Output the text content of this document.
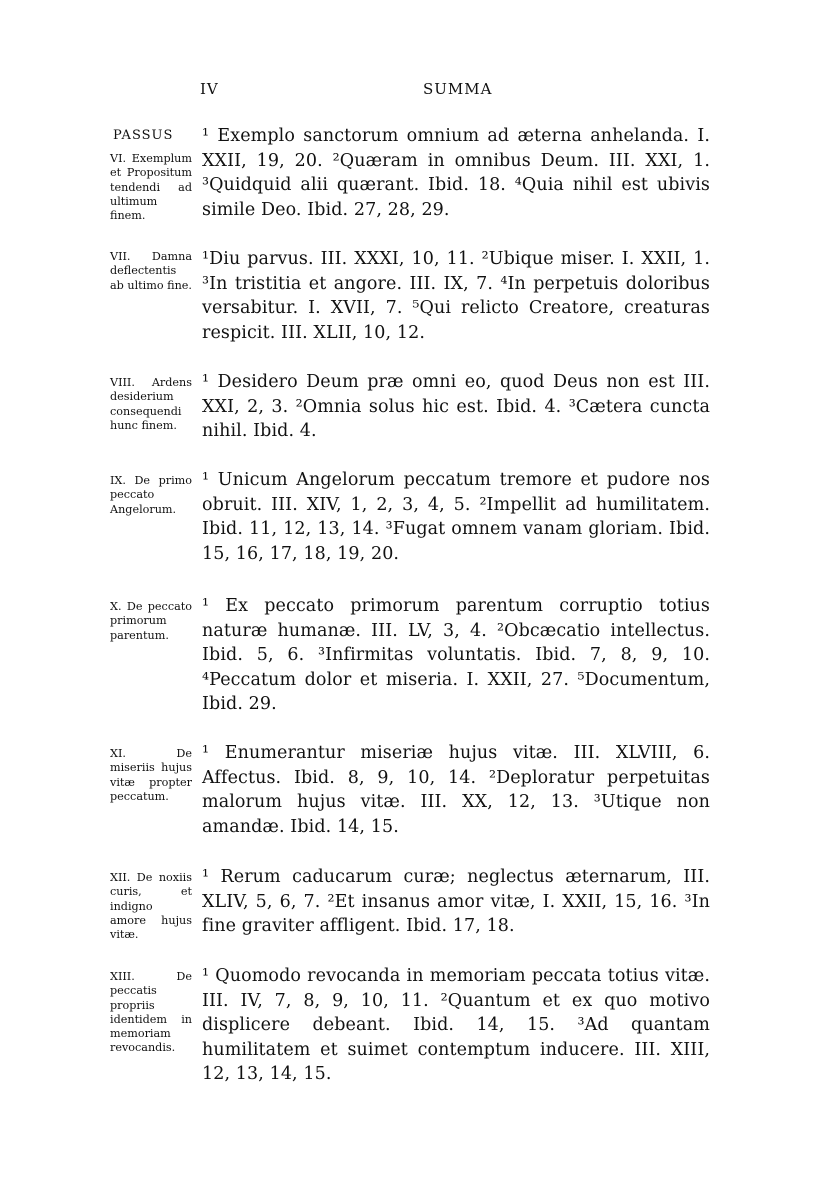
IV	SUMMA
PASSUS
VI. Exemplum et Propositum tendendi ad ultimum finem.
¹ Exemplo sanctorum omnium ad æterna anhelanda. I. XXII, 19, 20. ²Quæram in omnibus Deum. III. XXI, 1. ³Quidquid alii quærant. Ibid. 18. ⁴Quia nihil est ubivis simile Deo. Ibid. 27, 28, 29.
VII. Damna deflectentis ab ultimo fine.
¹Diu parvus. III. XXXI, 10, 11. ²Ubique miser. I. XXII, 1. ³In tristitia et angore. III. IX, 7. ⁴In perpetuis doloribus versabitur. I. XVII, 7. ⁵Qui relicto Creatore, creaturas respicit. III. XLII, 10, 12.
VIII. Ardens desiderium consequendi hunc finem.
¹ Desidero Deum præ omni eo, quod Deus non est III. XXI, 2, 3. ²Omnia solus hic est. Ibid. 4. ³Cætera cuncta nihil. Ibid. 4.
IX. De primo peccato Angelorum.
¹ Unicum Angelorum peccatum tremore et pudore nos obruit. III. XIV, 1, 2, 3, 4, 5. ²Impellit ad humilitatem. Ibid. 11, 12, 13, 14. ³Fugat omnem vanam gloriam. Ibid. 15, 16, 17, 18, 19, 20.
X. De peccato primorum parentum.
¹ Ex peccato primorum parentum corruptio totius naturæ humanæ. III. LV, 3, 4. ²Obcæcatio intellectus. Ibid. 5, 6. ³Infirmitas voluntatis. Ibid. 7, 8, 9, 10. ⁴Peccatum dolor et miseria. I. XXII, 27. ⁵Documentum, Ibid. 29.
XI. De miseriis hujus vitæ propter peccatum.
¹ Enumerantur miseriæ hujus vitæ. III. XLVIII, 6. Affectus. Ibid. 8, 9, 10, 14. ²Deploratur perpetuitas malorum hujus vitæ. III. XX, 12, 13. ³Utique non amandæ. Ibid. 14, 15.
XII. De noxiis curis, et indigno amore hujus vitæ.
¹ Rerum caducarum curæ; neglectus æternarum, III. XLIV, 5, 6, 7. ²Et insanus amor vitæ, I. XXII, 15, 16. ³In fine graviter affligent. Ibid. 17, 18.
XIII. De peccatis propriis identidem in memoriam revocandis.
¹ Quomodo revocanda in memoriam peccata totius vitæ. III. IV, 7, 8, 9, 10, 11. ²Quantum et ex quo motivo displicere debeant. Ibid. 14, 15. ³Ad quantam humilitatem et suimet contemptum inducere. III. XIII, 12, 13, 14, 15.
